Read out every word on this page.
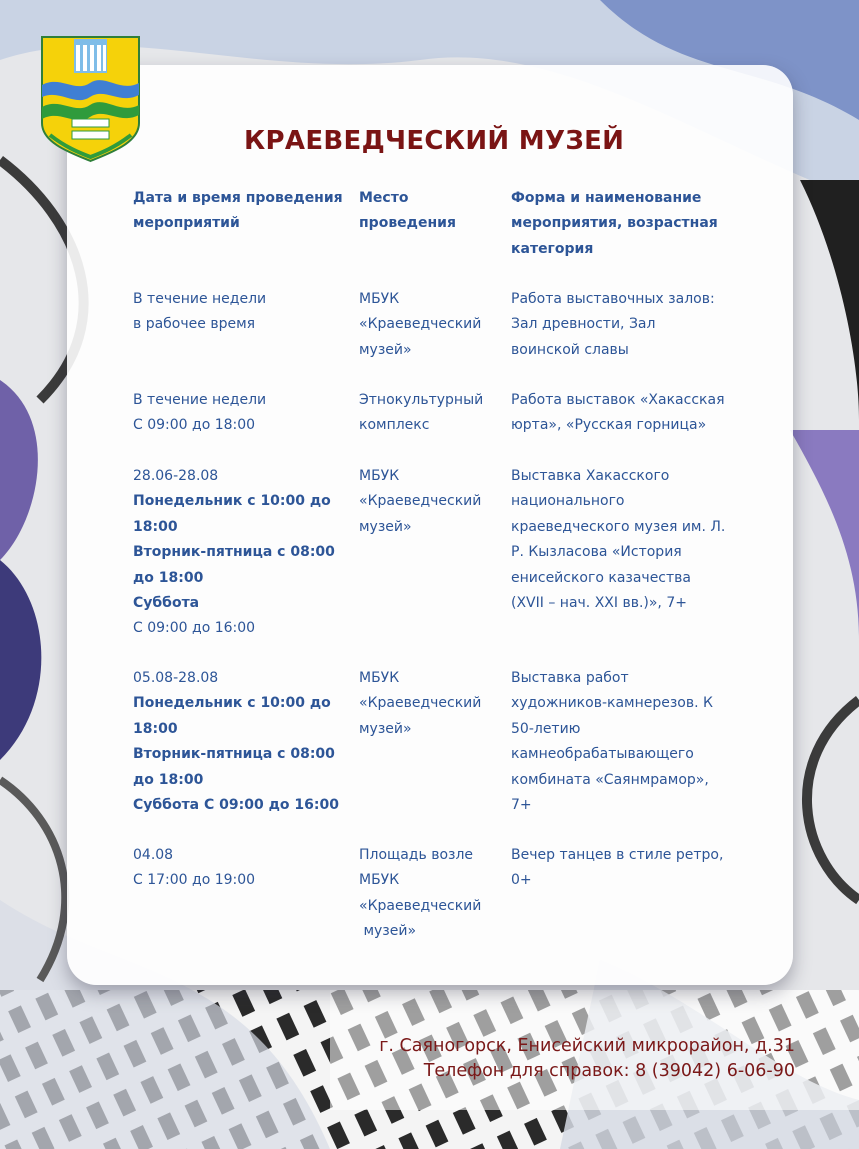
КРАЕВЕДЧЕСКИЙ МУЗЕЙ
Дата и время проведения
мероприятий
Место
проведения
Форма и наименование
мероприятия, возрастная
категория
В течение недели
в рабочее время
МБУК
«Краеведческий
музей»
Работа выставочных залов:
Зал древности, Зал
воинской славы
В течение недели
С 09:00 до 18:00
Этнокультурный
комплекс
Работа выставок «Хакасская
юрта», «Русская горница»
28.06-28.08
Понедельник с 10:00 до
18:00
Вторник-пятница с 08:00
до 18:00
Суббота
С 09:00 до 16:00
МБУК
«Краеведческий
музей»
Выставка Хакасского
национального
краеведческого музея им. Л.
Р. Кызласова «История
енисейского казачества
(XVII – нач. XXI вв.)», 7+
05.08-28.08
Понедельник с 10:00 до
18:00
Вторник-пятница с 08:00
до 18:00
Суббота С 09:00 до 16:00
МБУК
«Краеведческий
музей»
Выставка работ
художников-камнерезов. К
50-летию
камнеобрабатывающего
комбината «Саянмрамор»,
7+
04.08
С 17:00 до 19:00
Площадь возле
МБУК
«Краеведческий
музей»
Вечер танцев в стиле ретро,
0+
г. Саяногорск, Енисейский микрорайон, д.31
Телефон для справок: 8 (39042) 6-06-90
